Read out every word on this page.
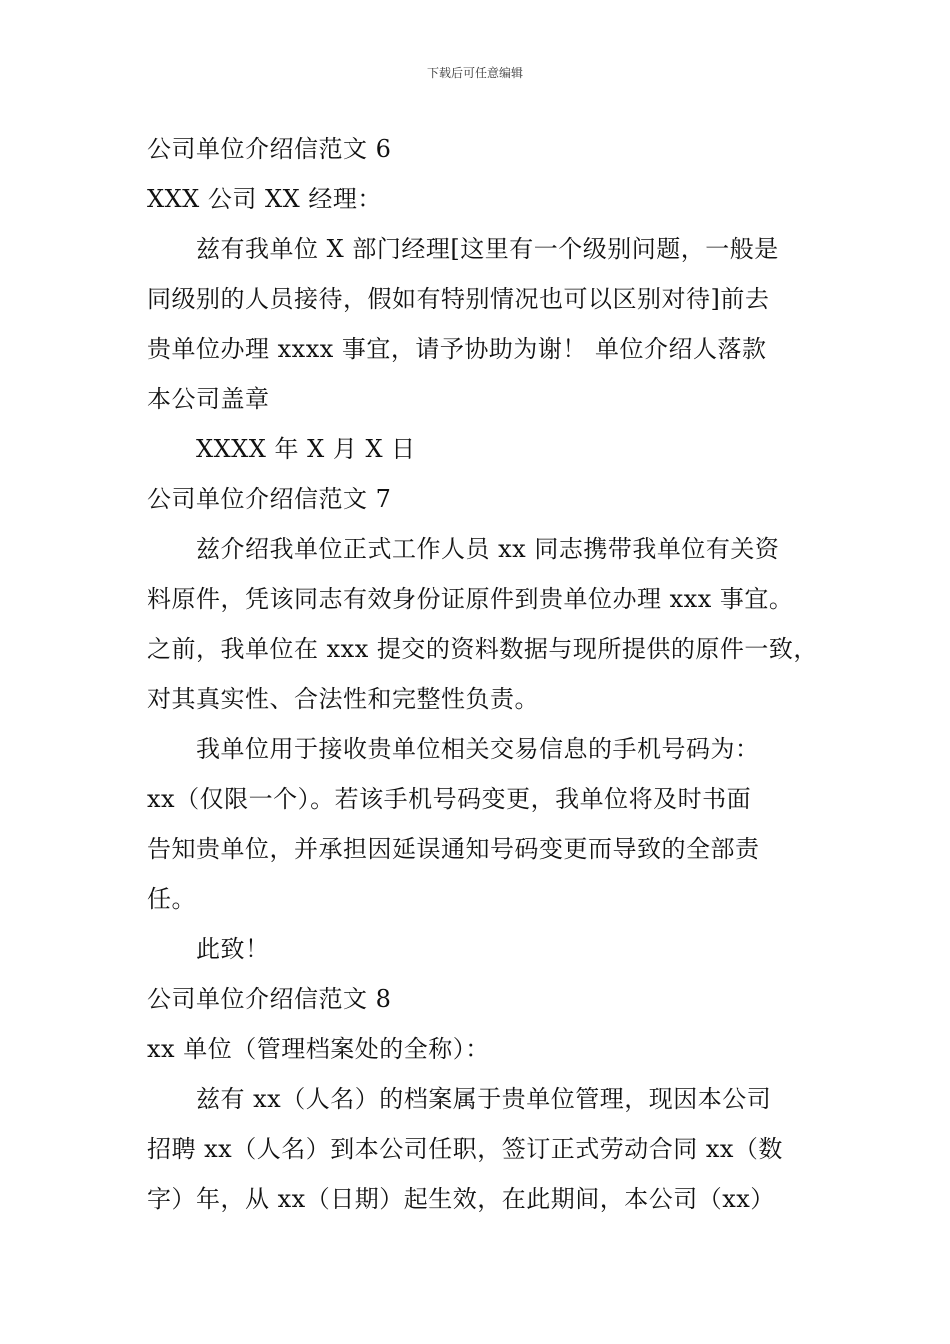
下载后可任意编辑
公司单位介绍信范文 6
XXX 公司 XX 经理：
兹有我单位 X 部门经理[这里有一个级别问题，一般是
同级别的人员接待，假如有特别情况也可以区别对待]前去
贵单位办理 xxxx 事宜，请予协助为谢！ 单位介绍人落款
本公司盖章
XXXX 年 X 月 X 日
公司单位介绍信范文 7
兹介绍我单位正式工作人员 xx 同志携带我单位有关资
料原件，凭该同志有效身份证原件到贵单位办理 xxx 事宜。
之前，我单位在 xxx 提交的资料数据与现所提供的原件一致，
对其真实性、合法性和完整性负责。
我单位用于接收贵单位相关交易信息的手机号码为：
xx（仅限一个）。若该手机号码变更，我单位将及时书面
告知贵单位，并承担因延误通知号码变更而导致的全部责
任。
此致！
公司单位介绍信范文 8
xx 单位（管理档案处的全称）：
兹有 xx（人名）的档案属于贵单位管理，现因本公司
招聘 xx（人名）到本公司任职，签订正式劳动合同 xx（数
字）年，从 xx（日期）起生效，在此期间，本公司（xx）
